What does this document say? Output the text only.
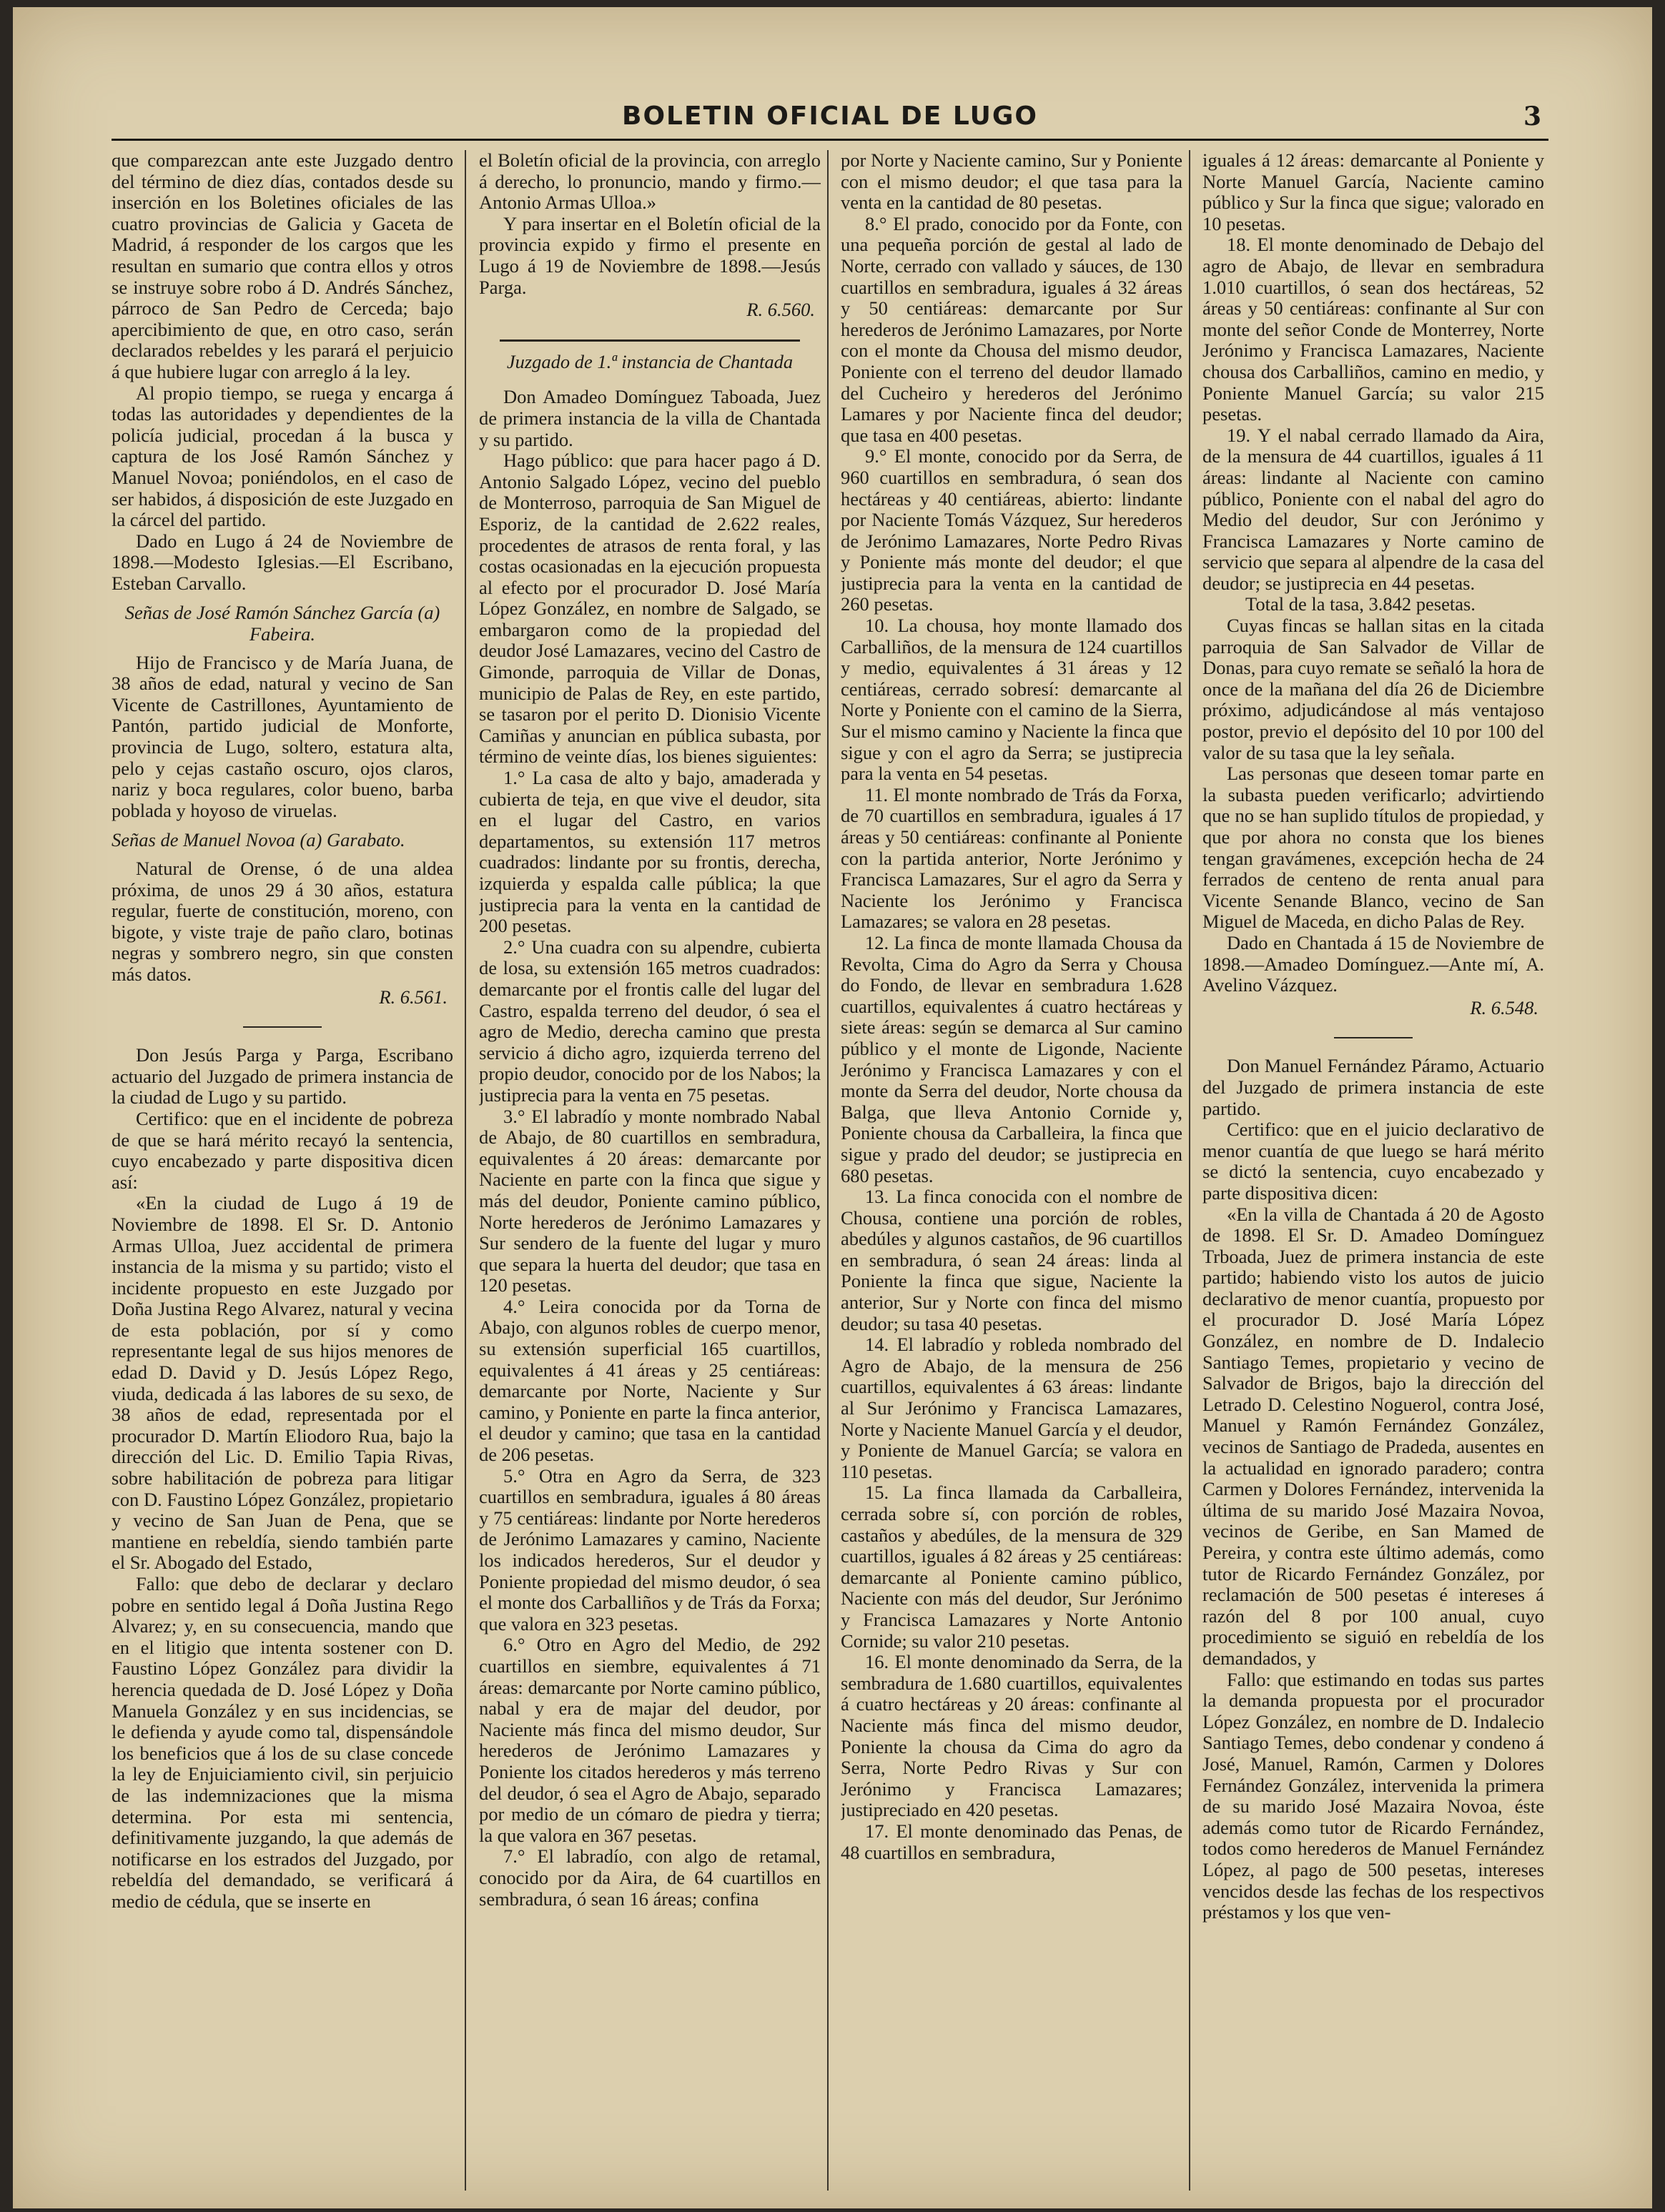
BOLETIN OFICIAL DE LUGO	3

que comparezcan ante este Juzgado dentro del término de diez días, contados desde su inserción en los Boletines oficiales de las cuatro provincias de Galicia y Gaceta de Madrid, á responder de los cargos que les resultan en sumario que contra ellos y otros se instruye sobre robo á D. Andrés Sánchez, párroco de San Pedro de Cerceda; bajo apercibimiento de que, en otro caso, serán declarados rebeldes y les parará el perjuicio á que hubiere lugar con arreglo á la ley.

Al propio tiempo, se ruega y encarga á todas las autoridades y dependientes de la policía judicial, procedan á la busca y captura de los José Ramón Sánchez y Manuel Novoa; poniéndolos, en el caso de ser habidos, á disposición de este Juzgado en la cárcel del partido.

Dado en Lugo á 24 de Noviembre de 1898.—Modesto Iglesias.—El Escribano, Esteban Carvallo.

Señas de José Ramón Sánchez García (a) Fabeira.

Hijo de Francisco y de María Juana, de 38 años de edad, natural y vecino de San Vicente de Castrillones, Ayuntamiento de Pantón, partido judicial de Monforte, provincia de Lugo, soltero, estatura alta, pelo y cejas castaño oscuro, ojos claros, nariz y boca regulares, color bueno, barba poblada y hoyoso de viruelas.

Señas de Manuel Novoa (a) Garabato.

Natural de Orense, ó de una aldea próxima, de unos 29 á 30 años, estatura regular, fuerte de constitución, moreno, con bigote, y viste traje de paño claro, botinas negras y sombrero negro, sin que consten más datos.

R. 6.561.

Don Jesús Parga y Parga, Escribano actuario del Juzgado de primera instancia de la ciudad de Lugo y su partido.

Certifico: que en el incidente de pobreza de que se hará mérito recayó la sentencia, cuyo encabezado y parte dispositiva dicen así:

«En la ciudad de Lugo á 19 de Noviembre de 1898. El Sr. D. Antonio Armas Ulloa, Juez accidental de primera instancia de la misma y su partido; visto el incidente propuesto en este Juzgado por Doña Justina Rego Alvarez, natural y vecina de esta población, por sí y como representante legal de sus hijos menores de edad D. David y D. Jesús López Rego, viuda, dedicada á las labores de su sexo, de 38 años de edad, representada por el procurador D. Martín Eliodoro Rua, bajo la dirección del Lic. D. Emilio Tapia Rivas, sobre habilitación de pobreza para litigar con D. Faustino López González, propietario y vecino de San Juan de Pena, que se mantiene en rebeldía, siendo también parte el Sr. Abogado del Estado,

Fallo: que debo de declarar y declaro pobre en sentido legal á Doña Justina Rego Alvarez; y, en su consecuencia, mando que en el litigio que intenta sostener con D. Faustino López González para dividir la herencia quedada de D. José López y Doña Manuela González y en sus incidencias, se le defienda y ayude como tal, dispensándole los beneficios que á los de su clase concede la ley de Enjuiciamiento civil, sin perjuicio de las indemnizaciones que la misma determina. Por esta mi sentencia, definitivamente juzgando, la que además de notificarse en los estrados del Juzgado, por rebeldía del demandado, se verificará á medio de cédula, que se inserte en

el Boletín oficial de la provincia, con arreglo á derecho, lo pronuncio, mando y firmo.—Antonio Armas Ulloa.»

Y para insertar en el Boletín oficial de la provincia expido y firmo el presente en Lugo á 19 de Noviembre de 1898.—Jesús Parga.

R. 6.560.
Juzgado de 1.ª instancia de Chantada

Don Amadeo Domínguez Taboada, Juez de primera instancia de la villa de Chantada y su partido.

Hago público: que para hacer pago á D. Antonio Salgado López, vecino del pueblo de Monterroso, parroquia de San Miguel de Esporiz, de la cantidad de 2.622 reales, procedentes de atrasos de renta foral, y las costas ocasionadas en la ejecución propuesta al efecto por el procurador D. José María López González, en nombre de Salgado, se embargaron como de la propiedad del deudor José Lamazares, vecino del Castro de Gimonde, parroquia de Villar de Donas, municipio de Palas de Rey, en este partido, se tasaron por el perito D. Dionisio Vicente Camiñas y anuncian en pública subasta, por término de veinte días, los bienes siguientes:

1.° La casa de alto y bajo, amaderada y cubierta de teja, en que vive el deudor, sita en el lugar del Castro, en varios departamentos, su extensión 117 metros cuadrados: lindante por su frontis, derecha, izquierda y espalda calle pública; la que justiprecia para la venta en la cantidad de 200 pesetas.

2.° Una cuadra con su alpendre, cubierta de losa, su extensión 165 metros cuadrados: demarcante por el frontis calle del lugar del Castro, espalda terreno del deudor, ó sea el agro de Medio, derecha camino que presta servicio á dicho agro, izquierda terreno del propio deudor, conocido por de los Nabos; la justiprecia para la venta en 75 pesetas.

3.° El labradío y monte nombrado Nabal de Abajo, de 80 cuartillos en sembradura, equivalentes á 20 áreas: demarcante por Naciente en parte con la finca que sigue y más del deudor, Poniente camino público, Norte herederos de Jerónimo Lamazares y Sur sendero de la fuente del lugar y muro que separa la huerta del deudor; que tasa en 120 pesetas.

4.° Leira conocida por da Torna de Abajo, con algunos robles de cuerpo menor, su extensión superficial 165 cuartillos, equivalentes á 41 áreas y 25 centiáreas: demarcante por Norte, Naciente y Sur camino, y Poniente en parte la finca anterior, el deudor y camino; que tasa en la cantidad de 206 pesetas.

5.° Otra en Agro da Serra, de 323 cuartillos en sembradura, iguales á 80 áreas y 75 centiáreas: lindante por Norte herederos de Jerónimo Lamazares y camino, Naciente los indicados herederos, Sur el deudor y Poniente propiedad del mismo deudor, ó sea el monte dos Carballiños y de Trás da Forxa; que valora en 323 pesetas.

6.° Otro en Agro del Medio, de 292 cuartillos en siembre, equivalentes á 71 áreas: demarcante por Norte camino público, nabal y era de majar del deudor, por Naciente más finca del mismo deudor, Sur herederos de Jerónimo Lamazares y Poniente los citados herederos y más terreno del deudor, ó sea el Agro de Abajo, separado por medio de un cómaro de piedra y tierra; la que valora en 367 pesetas.

7.° El labradío, con algo de retamal, conocido por da Aira, de 64 cuartillos en sembradura, ó sean 16 áreas; confina

por Norte y Naciente camino, Sur y Poniente con el mismo deudor; el que tasa para la venta en la cantidad de 80 pesetas.

8.° El prado, conocido por da Fonte, con una pequeña porción de gestal al lado de Norte, cerrado con vallado y sáuces, de 130 cuartillos en sembradura, iguales á 32 áreas y 50 centiáreas: demarcante por Sur herederos de Jerónimo Lamazares, por Norte con el monte da Chousa del mismo deudor, Poniente con el terreno del deudor llamado del Cucheiro y herederos del Jerónimo Lamares y por Naciente finca del deudor; que tasa en 400 pesetas.

9.° El monte, conocido por da Serra, de 960 cuartillos en sembradura, ó sean dos hectáreas y 40 centiáreas, abierto: lindante por Naciente Tomás Vázquez, Sur herederos de Jerónimo Lamazares, Norte Pedro Rivas y Poniente más monte del deudor; el que justiprecia para la venta en la cantidad de 260 pesetas.

10. La chousa, hoy monte llamado dos Carballiños, de la mensura de 124 cuartillos y medio, equivalentes á 31 áreas y 12 centiáreas, cerrado sobresí: demarcante al Norte y Poniente con el camino de la Sierra, Sur el mismo camino y Naciente la finca que sigue y con el agro da Serra; se justiprecia para la venta en 54 pesetas.

11. El monte nombrado de Trás da Forxa, de 70 cuartillos en sembradura, iguales á 17 áreas y 50 centiáreas: confinante al Poniente con la partida anterior, Norte Jerónimo y Francisca Lamazares, Sur el agro da Serra y Naciente los Jerónimo y Francisca Lamazares; se valora en 28 pesetas.

12. La finca de monte llamada Chousa da Revolta, Cima do Agro da Serra y Chousa do Fondo, de llevar en sembradura 1.628 cuartillos, equivalentes á cuatro hectáreas y siete áreas: según se demarca al Sur camino público y el monte de Ligonde, Naciente Jerónimo y Francisca Lamazares y con el monte da Serra del deudor, Norte chousa da Balga, que lleva Antonio Cornide y, Poniente chousa da Carballeira, la finca que sigue y prado del deudor; se justiprecia en 680 pesetas.

13. La finca conocida con el nombre de Chousa, contiene una porción de robles, abedúles y algunos castaños, de 96 cuartillos en sembradura, ó sean 24 áreas: linda al Poniente la finca que sigue, Naciente la anterior, Sur y Norte con finca del mismo deudor; su tasa 40 pesetas.

14. El labradío y robleda nombrado del Agro de Abajo, de la mensura de 256 cuartillos, equivalentes á 63 áreas: lindante al Sur Jerónimo y Francisca Lamazares, Norte y Naciente Manuel García y el deudor, y Poniente de Manuel García; se valora en 110 pesetas.

15. La finca llamada da Carballeira, cerrada sobre sí, con porción de robles, castaños y abedúles, de la mensura de 329 cuartillos, iguales á 82 áreas y 25 centiáreas: demarcante al Poniente camino público, Naciente con más del deudor, Sur Jerónimo y Francisca Lamazares y Norte Antonio Cornide; su valor 210 pesetas.

16. El monte denominado da Serra, de la sembradura de 1.680 cuartillos, equivalentes á cuatro hectáreas y 20 áreas: confinante al Naciente más finca del mismo deudor, Poniente la chousa da Cima do agro da Serra, Norte Pedro Rivas y Sur con Jerónimo y Francisca Lamazares; justipreciado en 420 pesetas.

17. El monte denominado das Penas, de 48 cuartillos en sembradura,

iguales á 12 áreas: demarcante al Poniente y Norte Manuel García, Naciente camino público y Sur la finca que sigue; valorado en 10 pesetas.

18. El monte denominado de Debajo del agro de Abajo, de llevar en sembradura 1.010 cuartillos, ó sean dos hectáreas, 52 áreas y 50 centiáreas: confinante al Sur con monte del señor Conde de Monterrey, Norte Jerónimo y Francisca Lamazares, Naciente chousa dos Carballiños, camino en medio, y Poniente Manuel García; su valor 215 pesetas.

19. Y el nabal cerrado llamado da Aira, de la mensura de 44 cuartillos, iguales á 11 áreas: lindante al Naciente con camino público, Poniente con el nabal del agro do Medio del deudor, Sur con Jerónimo y Francisca Lamazares y Norte camino de servicio que separa al alpendre de la casa del deudor; se justiprecia en 44 pesetas.

Total de la tasa, 3.842 pesetas.

Cuyas fincas se hallan sitas en la citada parroquia de San Salvador de Villar de Donas, para cuyo remate se señaló la hora de once de la mañana del día 26 de Diciembre próximo, adjudicándose al más ventajoso postor, previo el depósito del 10 por 100 del valor de su tasa que la ley señala.

Las personas que deseen tomar parte en la subasta pueden verificarlo; advirtiendo que no se han suplido títulos de propiedad, y que por ahora no consta que los bienes tengan gravámenes, excepción hecha de 24 ferrados de centeno de renta anual para Vicente Senande Blanco, vecino de San Miguel de Maceda, en dicho Palas de Rey.

Dado en Chantada á 15 de Noviembre de 1898.—Amadeo Domínguez.—Ante mí, A. Avelino Vázquez.

R. 6.548.

Don Manuel Fernández Páramo, Actuario del Juzgado de primera instancia de este partido.

Certifico: que en el juicio declarativo de menor cuantía de que luego se hará mérito se dictó la sentencia, cuyo encabezado y parte dispositiva dicen:

«En la villa de Chantada á 20 de Agosto de 1898. El Sr. D. Amadeo Domínguez Trboada, Juez de primera instancia de este partido; habiendo visto los autos de juicio declarativo de menor cuantía, propuesto por el procurador D. José María López González, en nombre de D. Indalecio Santiago Temes, propietario y vecino de Salvador de Brigos, bajo la dirección del Letrado D. Celestino Noguerol, contra José, Manuel y Ramón Fernández González, vecinos de Santiago de Pradeda, ausentes en la actualidad en ignorado paradero; contra Carmen y Dolores Fernández, intervenida la última de su marido José Mazaira Novoa, vecinos de Geribe, en San Mamed de Pereira, y contra este último además, como tutor de Ricardo Fernández González, por reclamación de 500 pesetas é intereses á razón del 8 por 100 anual, cuyo procedimiento se siguió en rebeldía de los demandados, y

Fallo: que estimando en todas sus partes la demanda propuesta por el procurador López González, en nombre de D. Indalecio Santiago Temes, debo condenar y condeno á José, Manuel, Ramón, Carmen y Dolores Fernández González, intervenida la primera de su marido José Mazaira Novoa, éste además como tutor de Ricardo Fernández, todos como herederos de Manuel Fernández López, al pago de 500 pesetas, intereses vencidos desde las fechas de los respectivos préstamos y los que ven-
